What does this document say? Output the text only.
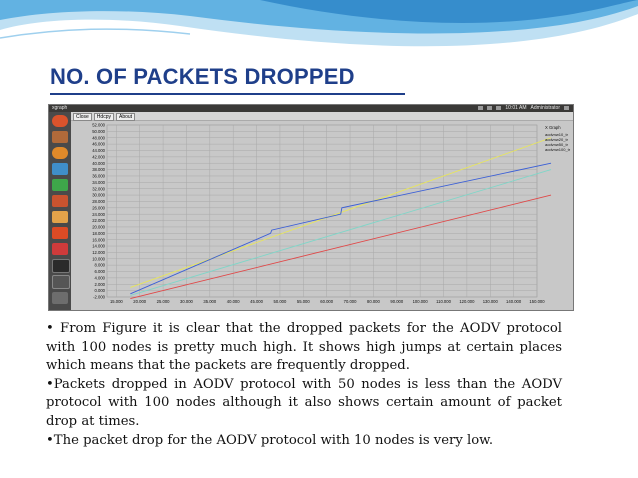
NO. OF PACKETS DROPPED
xgraph	10:01 AM Administrator
Close	Hdcpy	About
52.000
50.000
48.000
46.000
44.000
42.000
40.000
38.000
36.000
34.000
32.000
30.000
28.000
26.000
24.000
22.000
20.000
18.000
16.000
14.000
12.000
10.000
8.000
6.000
4.000
2.000
0.000
-2.000
15.000	20.000	25.000	30.000	35.000	40.000	45.000	50.000	55.000	60.000	70.000	80.000	90.000 100.000 110.000 120.000 130.000 140.000 150.000
X Graph
aodvnw10_tr
aodvnw20_tr
aodvnw50_tr
aodvnw100_tr

• From Figure it is clear that the dropped packets for the AODV protocol with 100 nodes is pretty much high. It shows high jumps at certain places which means that the packets are frequently dropped.

•Packets dropped in AODV protocol with 50 nodes is less than the AODV protocol with 100 nodes although it also shows certain amount of packet drop at times.

•The packet drop for the AODV protocol with 10 nodes is very low.
